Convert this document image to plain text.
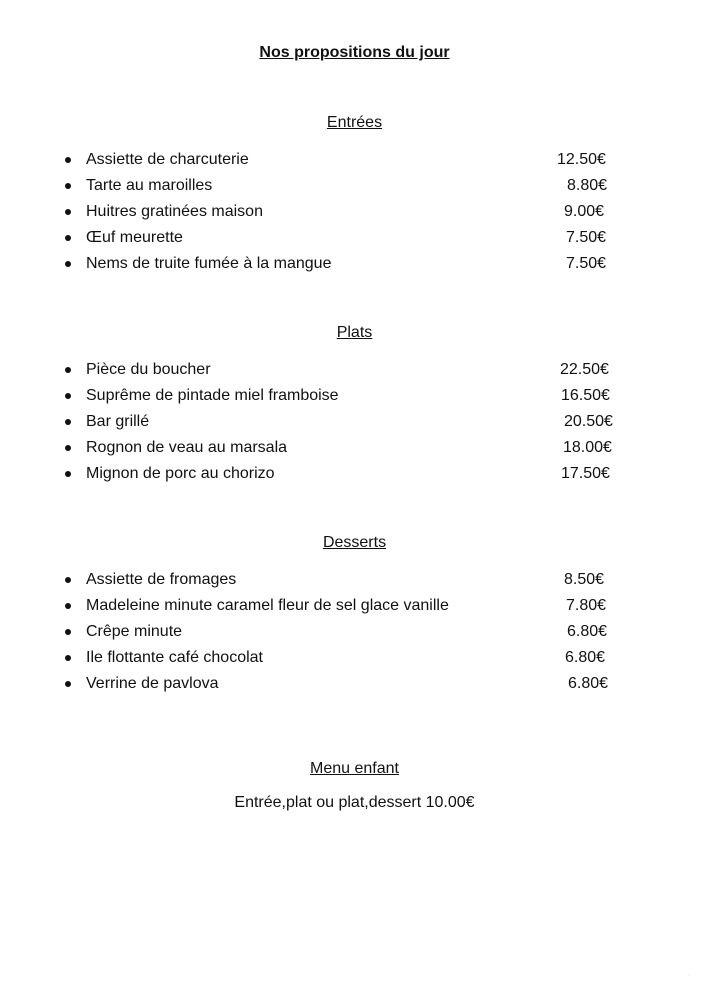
Nos propositions du jour
Entrées
Assiette de charcuterie	12.50€
Tarte au maroilles	8.80€
Huitres gratinées maison	9.00€
Œuf meurette	7.50€
Nems de truite fumée à la mangue	7.50€
Plats
Pièce du boucher	22.50€
Suprême de pintade miel framboise	16.50€
Bar grillé	20.50€
Rognon de veau au marsala	18.00€
Mignon de porc au chorizo	17.50€
Desserts
Assiette de fromages	8.50€
Madeleine minute caramel fleur de sel glace vanille	7.80€
Crêpe minute	6.80€
Ile flottante café chocolat	6.80€
Verrine de pavlova	6.80€
Menu enfant
Entrée,plat ou plat,dessert 10.00€
·
